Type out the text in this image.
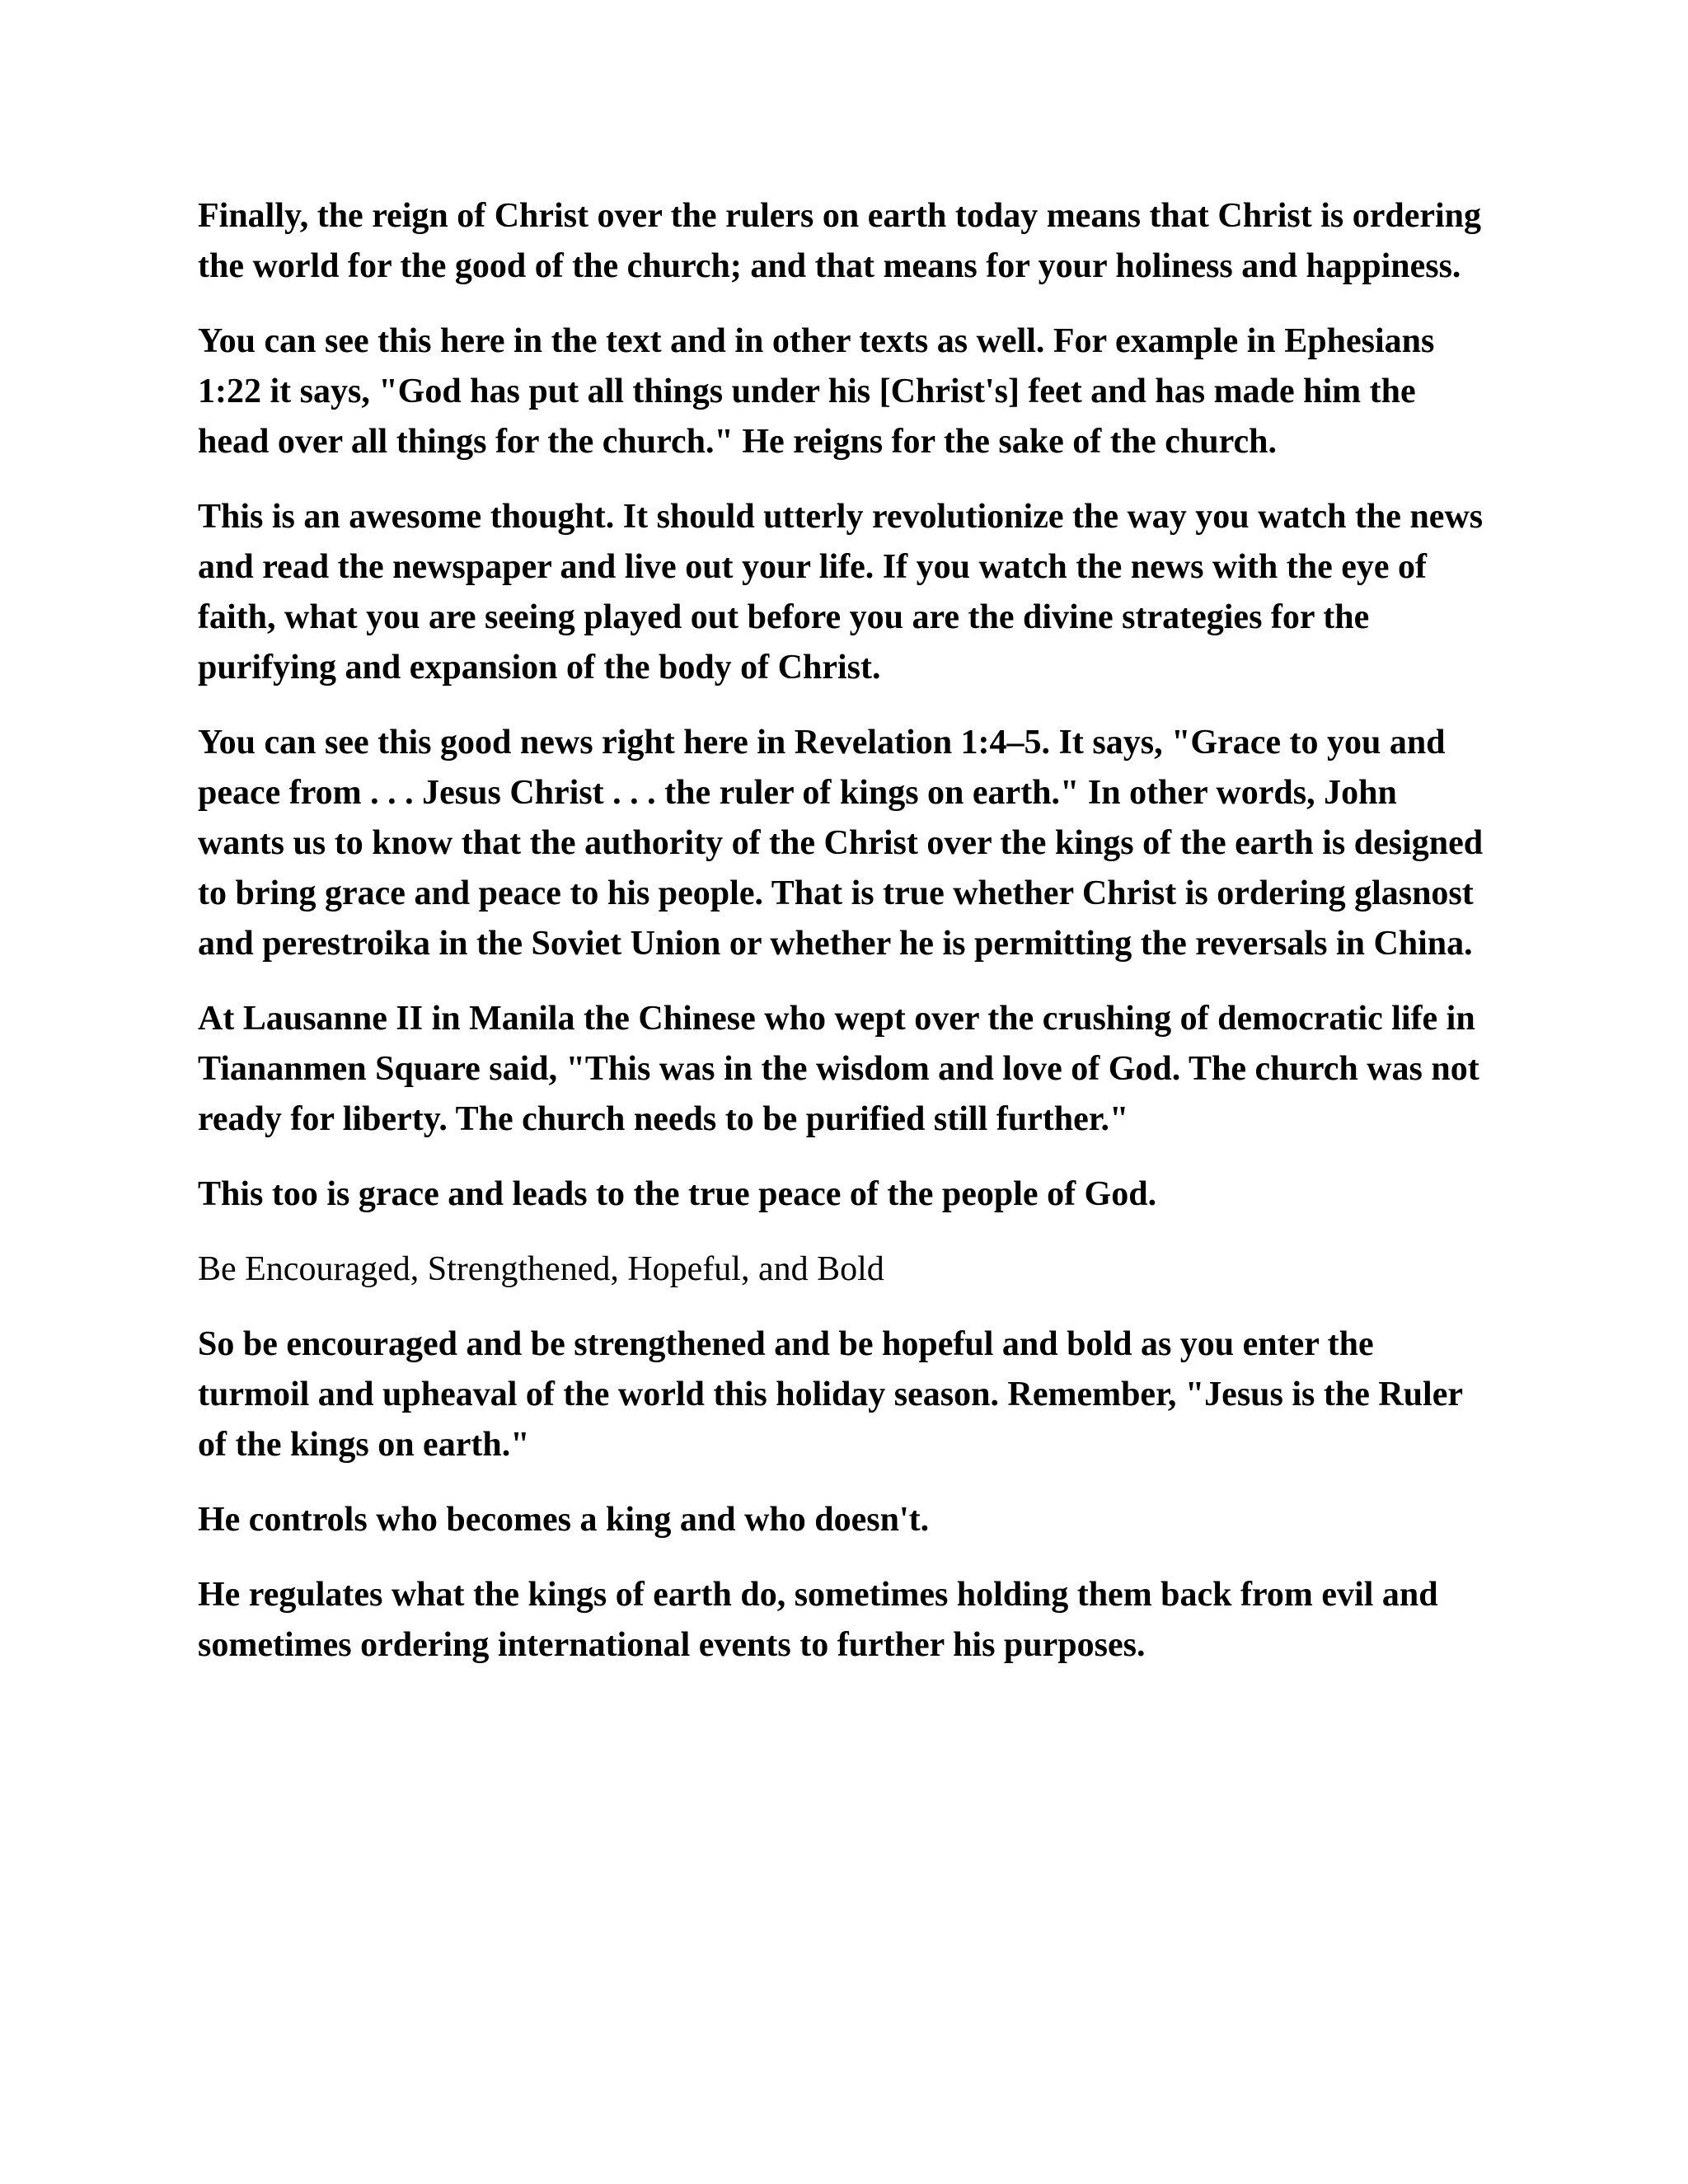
Finally, the reign of Christ over the rulers on earth today means that Christ is ordering the world for the good of the church; and that means for your holiness and happiness.

You can see this here in the text and in other texts as well. For example in Ephesians 1:22 it says, "God has put all things under his [Christ's] feet and has made him the head over all things for the church." He reigns for the sake of the church.

This is an awesome thought. It should utterly revolutionize the way you watch the news and read the newspaper and live out your life. If you watch the news with the eye of faith, what you are seeing played out before you are the divine strategies for the purifying and expansion of the body of Christ.

You can see this good news right here in Revelation 1:4–5. It says, "Grace to you and peace from . . . Jesus Christ . . . the ruler of kings on earth." In other words, John wants us to know that the authority of the Christ over the kings of the earth is designed to bring grace and peace to his people. That is true whether Christ is ordering glasnost and perestroika in the Soviet Union or whether he is permitting the reversals in China.

At Lausanne II in Manila the Chinese who wept over the crushing of democratic life in Tiananmen Square said, "This was in the wisdom and love of God. The church was not ready for liberty. The church needs to be purified still further."

This too is grace and leads to the true peace of the people of God.

Be Encouraged, Strengthened, Hopeful, and Bold

So be encouraged and be strengthened and be hopeful and bold as you enter the turmoil and upheaval of the world this holiday season. Remember, "Jesus is the Ruler of the kings on earth."

He controls who becomes a king and who doesn't.

He regulates what the kings of earth do, sometimes holding them back from evil and sometimes ordering international events to further his purposes.
